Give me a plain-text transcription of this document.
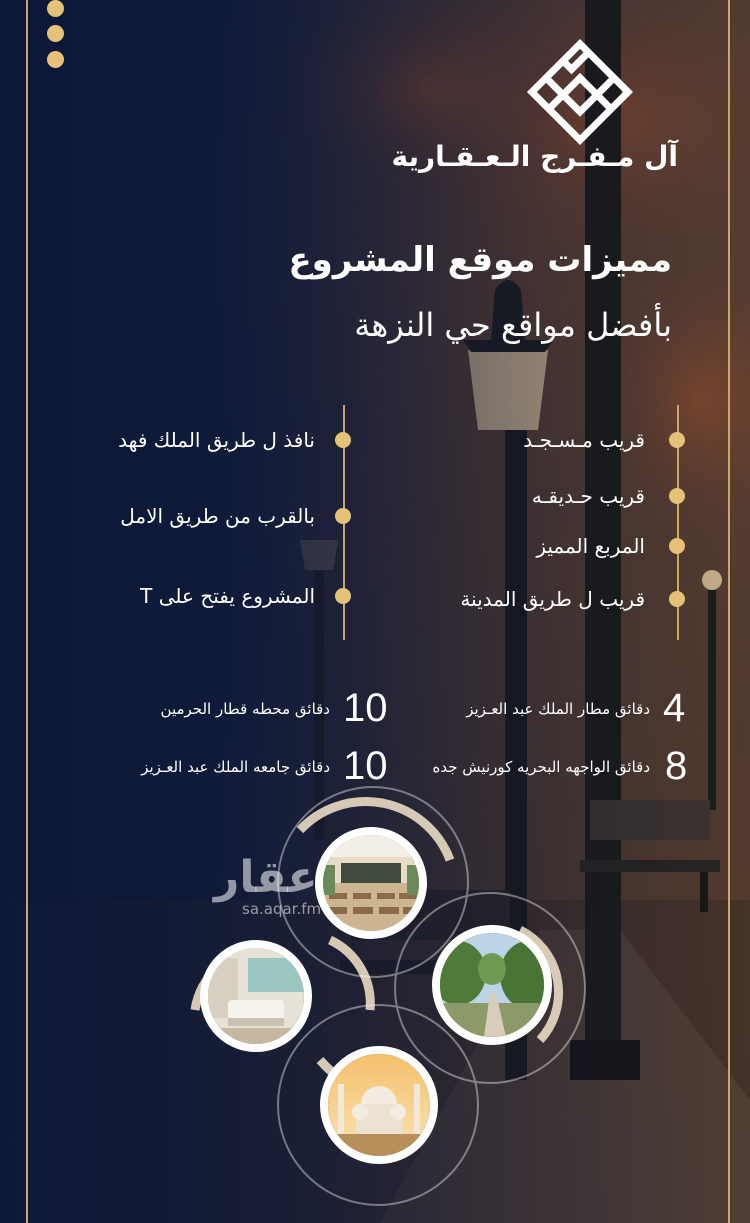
آل مـفـرج الـعـقـارية
مميزات موقع المشروع
بأفضل مواقع حي النزهة
قريب مـسـجـد
قريب حـديقـه
المربع المميز
قريب ل طريق المدينة
نافذ ل طريق الملك فهد
بالقرب من طريق الامل
المشروع يفتح على T
4
دقائق مطار الملك عبد العـزيز
10
دقائق محطه قطار الحرمين
8
دقائق الواجهه البحريه كورنيش جده
10
دقائق جامعه الملك عبد العـزيز
عقار
sa.aqar.fm
